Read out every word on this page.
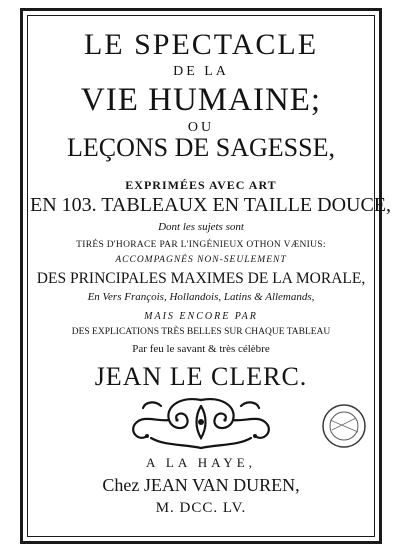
LE SPECTACLE
DE LA
VIE HUMAINE;
OU
LEÇONS DE SAGESSE,
EXPRIMÉES AVEC ART
EN 103. TABLEAUX EN TAILLE DOUCE,
Dont les sujets sont
TIRÉS D'HORACE PAR L'INGÉNIEUX OTHON VÆNIUS:
ACCOMPAGNÉS NON-SEULEMENT
DES PRINCIPALES MAXIMES DE LA MORALE,
En Vers François, Hollandois, Latins & Allemands,
MAIS ENCORE PAR
DES EXPLICATIONS TRÈS BELLES SUR CHAQUE TABLEAU
Par feu le savant & très célèbre
JEAN LE CLERC.
A LA HAYE,
Chez JEAN VAN DUREN,
M. DCC. LV.
